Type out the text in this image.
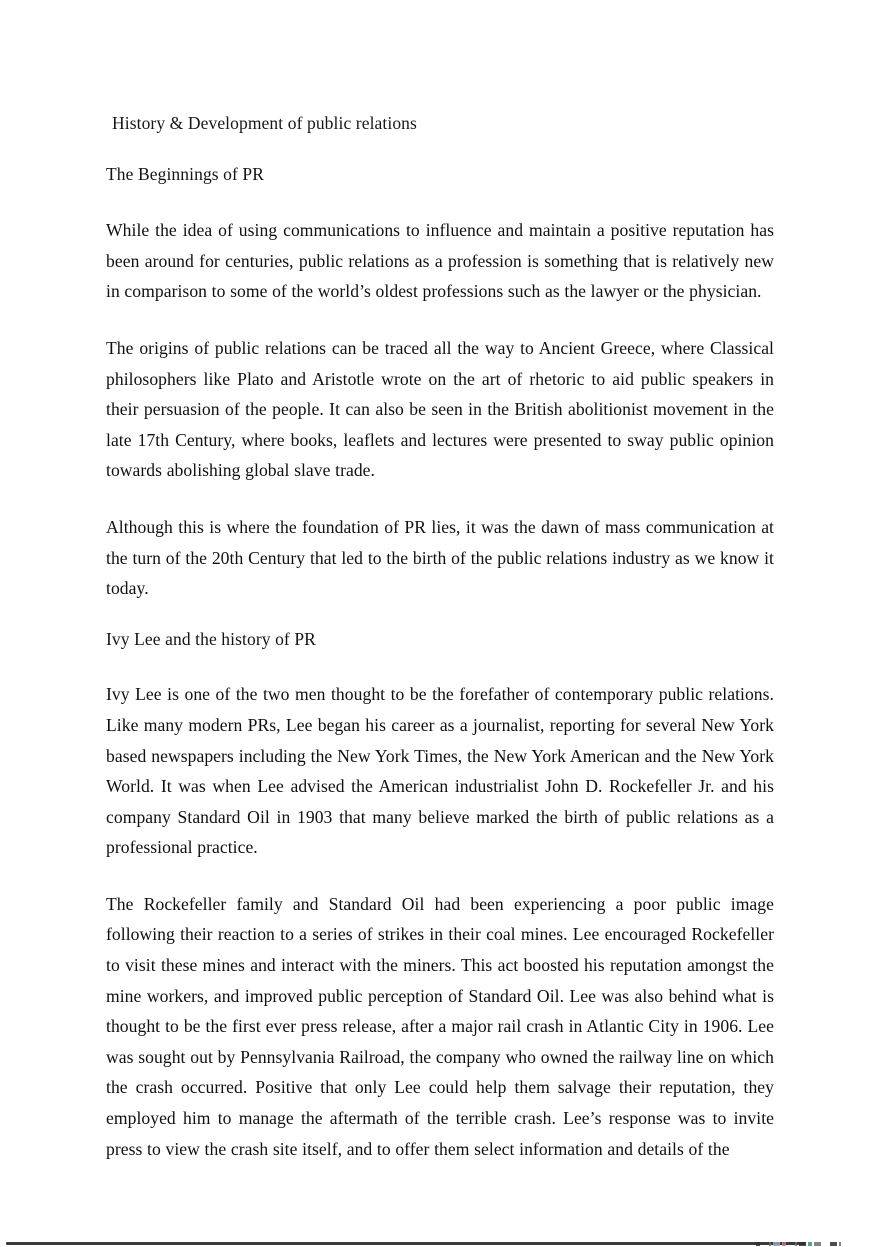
History & Development of public relations

The Beginnings of PR

While the idea of using communications to influence and maintain a positive reputation has been around for centuries, public relations as a profession is something that is relatively new in comparison to some of the world’s oldest professions such as the lawyer or the physician.

The origins of public relations can be traced all the way to Ancient Greece, where Classical philosophers like Plato and Aristotle wrote on the art of rhetoric to aid public speakers in their persuasion of the people. It can also be seen in the British abolitionist movement in the late 17th Century, where books, leaflets and lectures were presented to sway public opinion towards abolishing global slave trade.

Although this is where the foundation of PR lies, it was the dawn of mass communication at the turn of the 20th Century that led to the birth of the public relations industry as we know it today.

Ivy Lee and the history of PR

Ivy Lee is one of the two men thought to be the forefather of contemporary public relations. Like many modern PRs, Lee began his career as a journalist, reporting for several New York based newspapers including the New York Times, the New York American and the New York World. It was when Lee advised the American industrialist John D. Rockefeller Jr. and his company Standard Oil in 1903 that many believe marked the birth of public relations as a professional practice.

The Rockefeller family and Standard Oil had been experiencing a poor public image following their reaction to a series of strikes in their coal mines. Lee encouraged Rockefeller to visit these mines and interact with the miners. This act boosted his reputation amongst the mine workers, and improved public perception of Standard Oil. Lee was also behind what is thought to be the first ever press release, after a major rail crash in Atlantic City in 1906. Lee was sought out by Pennsylvania Railroad, the company who owned the railway line on which the crash occurred. Positive that only Lee could help them salvage their reputation, they employed him to manage the aftermath of the terrible crash. Lee’s response was to invite press to view the crash site itself, and to offer them select information and details of the
